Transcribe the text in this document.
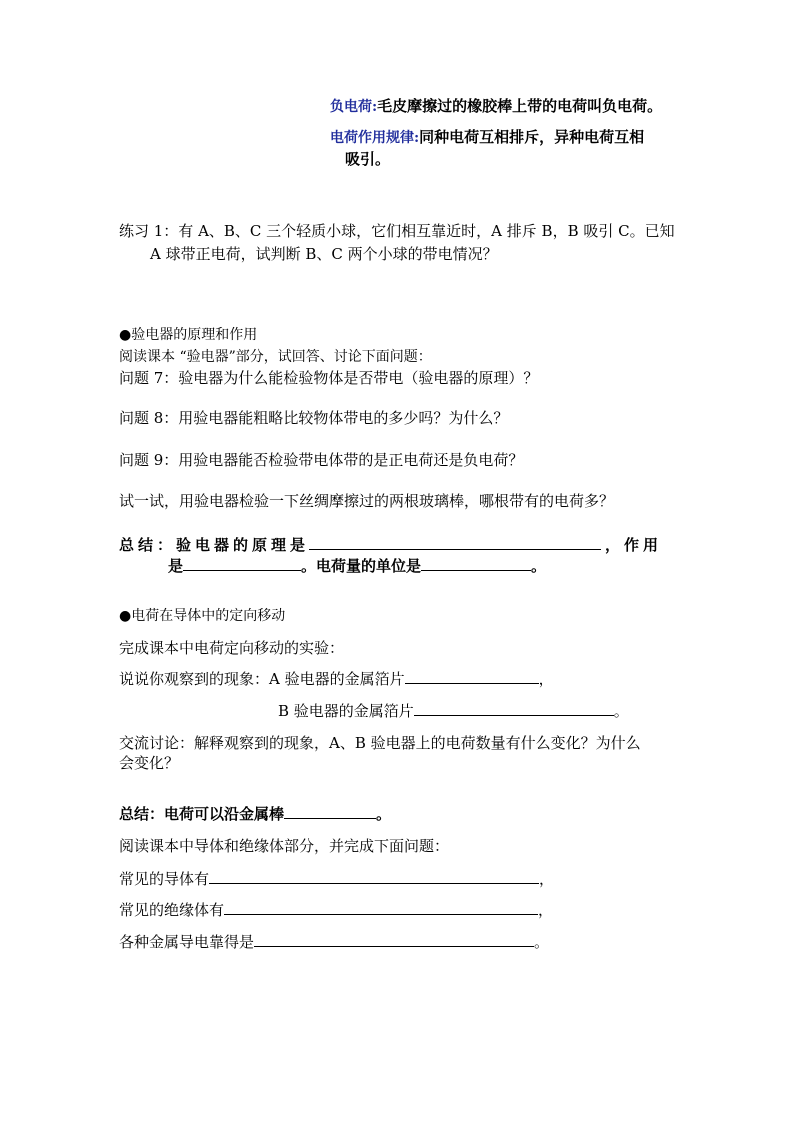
负电荷:毛皮摩擦过的橡胶棒上带的电荷叫负电荷。
电荷作用规律:同种电荷互相排斥，异种电荷互相
吸引。
练习 1：有 A、B、C 三个轻质小球，它们相互靠近时，A 排斥 B，B 吸引 C。已知
A 球带正电荷，试判断 B、C 两个小球的带电情况？
●验电器的原理和作用
阅读课本 “验电器”部分，试回答、讨论下面问题：
问题 7：验电器为什么能检验物体是否带电（验电器的原理）？
问题 8：用验电器能粗略比较物体带电的多少吗？为什么？
问题 9：用验电器能否检验带电体带的是正电荷还是负电荷？
试一试，用验电器检验一下丝绸摩擦过的两根玻璃棒，哪根带有的电荷多？
总结：验电器的原理是	，作用
是	。电荷量的单位是	。
●电荷在导体中的定向移动
完成课本中电荷定向移动的实验：
说说你观察到的现象：A 验电器的金属箔片	，
B 验电器的金属箔片	。
交流讨论：解释观察到的现象，A、B 验电器上的电荷数量有什么变化？为什么
会变化？
总结：电荷可以沿金属棒	。
阅读课本中导体和绝缘体部分，并完成下面问题：
常见的导体有	，
常见的绝缘体有	，
各种金属导电靠得是	。
